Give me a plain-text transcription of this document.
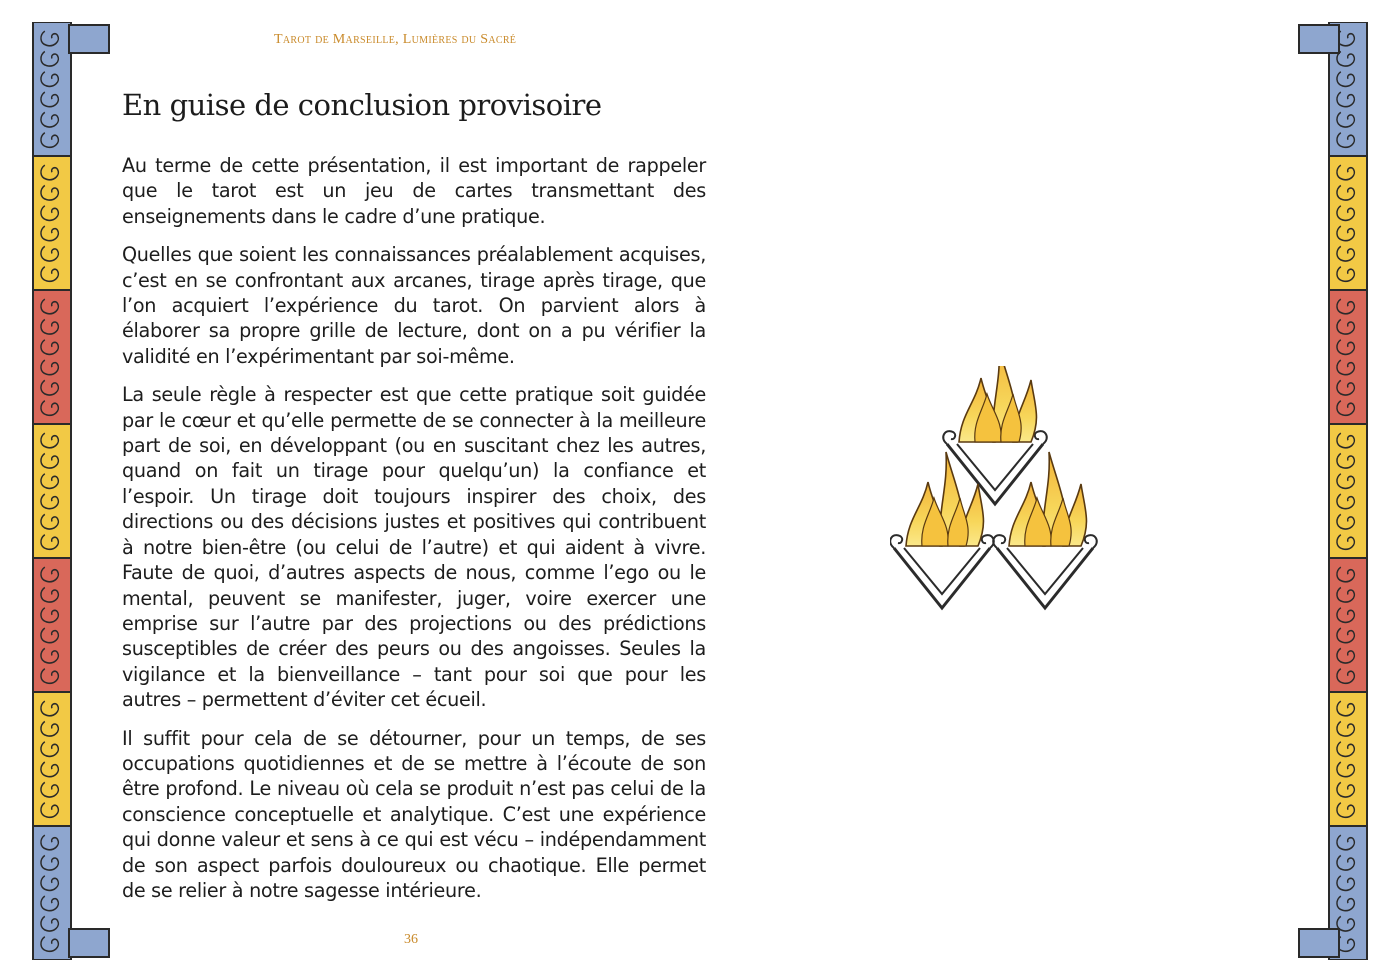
Tarot de Marseille, Lumières du Sacré
En guise de conclusion provisoire

Au terme de cette présentation, il est important de rappeler que le tarot est un jeu de cartes transmettant des enseignements dans le cadre d’une pratique.

Quelles que soient les connaissances préalablement acquises, c’est en se confrontant aux arcanes, tirage après tirage, que l’on acquiert l’expérience du tarot. On parvient alors à élaborer sa propre grille de lecture, dont on a pu vérifier la validité en l’expérimentant par soi-même.

La seule règle à respecter est que cette pratique soit guidée par le cœur et qu’elle permette de se connecter à la meilleure part de soi, en développant (ou en suscitant chez les autres, quand on fait un tirage pour quelqu’un) la confiance et l’espoir. Un tirage doit toujours inspirer des choix, des directions ou des décisions justes et positives qui contribuent à notre bien-être (ou celui de l’autre) et qui aident à vivre. Faute de quoi, d’autres aspects de nous, comme l’ego ou le mental, peuvent se manifester, juger, voire exercer une emprise sur l’autre par des projections ou des prédictions susceptibles de créer des peurs ou des angoisses. Seules la vigilance et la bienveillance – tant pour soi que pour les autres – permettent d’éviter cet écueil.

Il suffit pour cela de se détourner, pour un temps, de ses occupations quotidiennes et de se mettre à l’écoute de son être profond. Le niveau où cela se produit n’est pas celui de la conscience conceptuelle et analytique. C’est une expérience qui donne valeur et sens à ce qui est vécu – indépendamment de son aspect parfois douloureux ou chaotique. Elle permet de se relier à notre sagesse intérieure.

36
